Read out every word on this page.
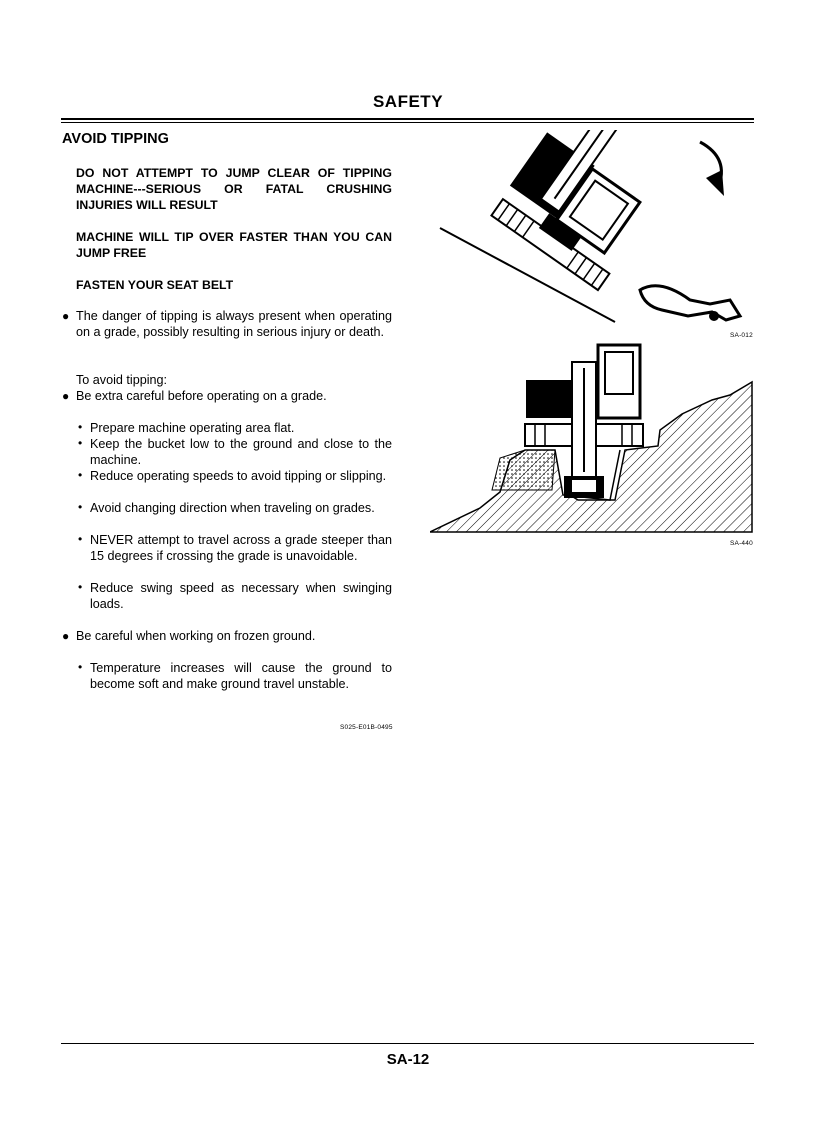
SAFETY
AVOID TIPPING
DO NOT ATTEMPT TO JUMP CLEAR OF TIPPING MACHINE---SERIOUS OR FATAL CRUSHING INJURIES WILL RESULT
MACHINE WILL TIP OVER FASTER THAN YOU CAN JUMP FREE
FASTEN YOUR SEAT BELT
● The danger of tipping is always present when operating on a grade, possibly resulting in serious injury or death.
To avoid tipping:
● Be extra careful before operating on a grade.
• Prepare machine operating area flat.
• Keep the bucket low to the ground and close to the machine.
• Reduce operating speeds to avoid tipping or slipping.
• Avoid changing direction when traveling on grades.
• NEVER attempt to travel across a grade steeper than 15 degrees if crossing the grade is unavoidable.
• Reduce swing speed as necessary when swinging loads.
● Be careful when working on frozen ground.
• Temperature increases will cause the ground to become soft and make ground travel unstable.
S025-E01B-0495
SA-012
SA-440
SA-12
